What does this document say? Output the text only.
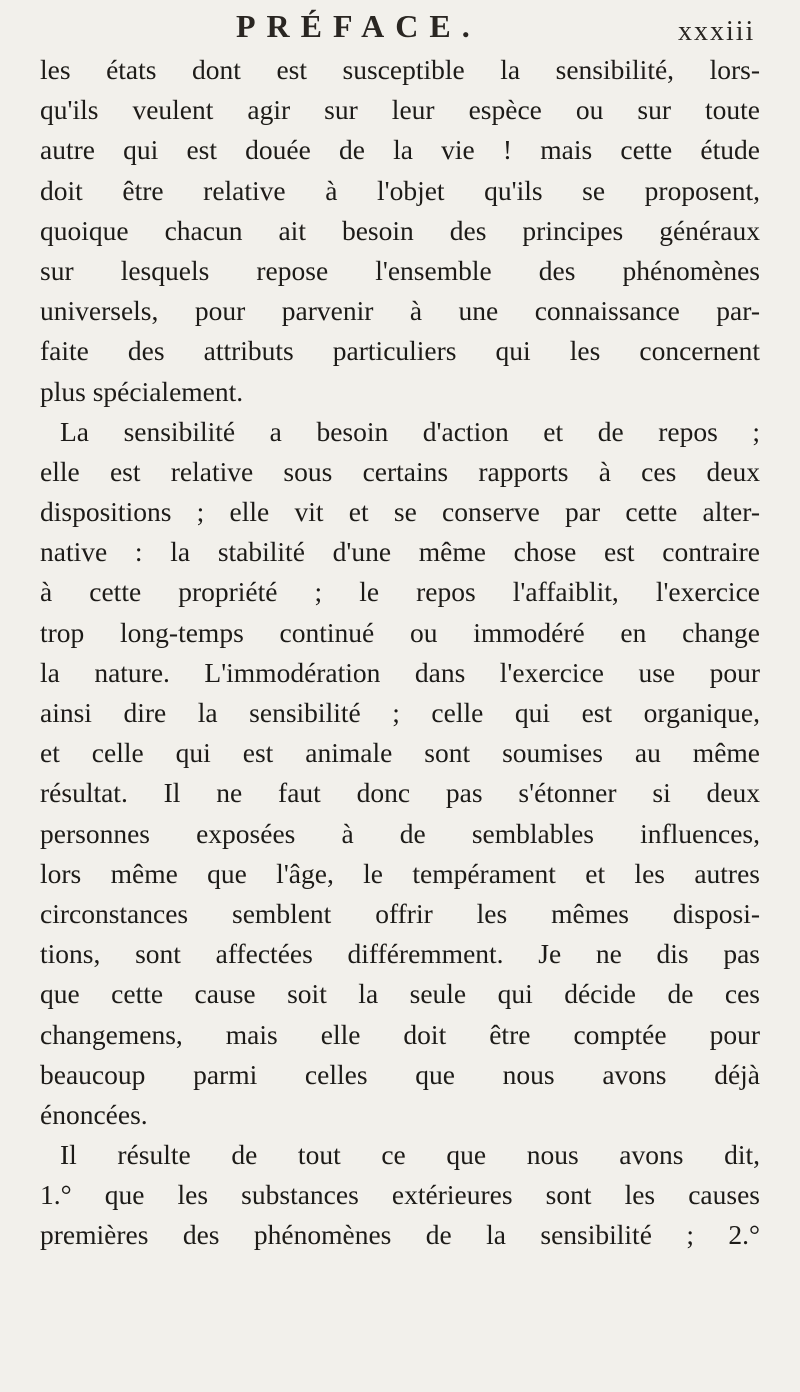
PRÉFACE.	xxxiii
les états dont est susceptible la sensibilité, lors-
qu'ils veulent agir sur leur espèce ou sur toute
autre qui est douée de la vie ! mais cette étude
doit être relative à l'objet qu'ils se proposent,
quoique chacun ait besoin des principes généraux
sur lesquels repose l'ensemble des phénomènes
universels, pour parvenir à une connaissance par-
faite des attributs particuliers qui les concernent
plus spécialement.
La sensibilité a besoin d'action et de repos ;
elle est relative sous certains rapports à ces deux
dispositions ; elle vit et se conserve par cette alter-
native : la stabilité d'une même chose est contraire
à cette propriété ; le repos l'affaiblit, l'exercice
trop long-temps continué ou immodéré en change
la nature. L'immodération dans l'exercice use pour
ainsi dire la sensibilité ; celle qui est organique,
et celle qui est animale sont soumises au même
résultat. Il ne faut donc pas s'étonner si deux
personnes exposées à de semblables influences,
lors même que l'âge, le tempérament et les autres
circonstances semblent offrir les mêmes disposi-
tions, sont affectées différemment. Je ne dis pas
que cette cause soit la seule qui décide de ces
changemens, mais elle doit être comptée pour
beaucoup parmi celles que nous avons déjà
énoncées.
Il résulte de tout ce que nous avons dit,
1.° que les substances extérieures sont les causes
premières des phénomènes de la sensibilité ; 2.°
